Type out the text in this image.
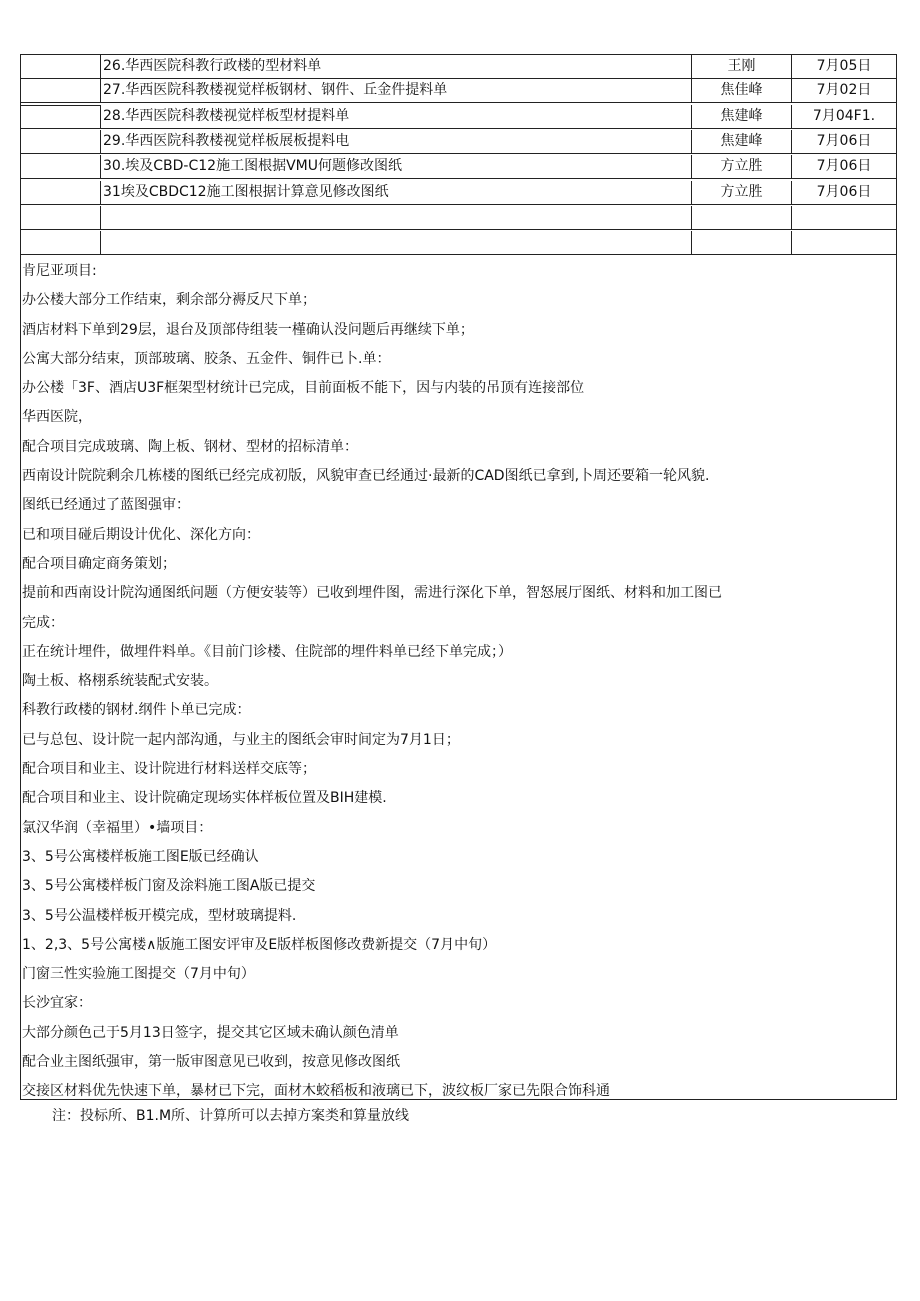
26.华西医院科教行政楼的型材料单	王刚	7月05日
27.华西医院科教楼视觉样板钢材、钢件、丘金件提料单	焦佳峰	7月02日
28.华西医院科教楼视觉样板型材提料单	焦建峰	7月04F1.
29.华西医院科教楼视觉样板展板提料电	焦建峰	7月06日
30.埃及CBD-C12施工图根据VMU何题修改图纸	方立胜	7月06日
31埃及CBDC12施工图根据计算意见修改图纸	方立胜	7月06日
肯尼亚项目:
办公楼大部分工作结束，剩余部分褥反尺下单；
酒店材料下单到29层，退台及顶部侍组装一槿确认没问题后再继续下单；
公寓大部分结束，顶部玻璃、胶条、五金件、铜件已卜.单：
办公楼「3F、酒店U3F框架型材统计已完成，目前面板不能下，因与内装的吊顶有连接部位
华西医院，
配合项目完成玻璃、陶上板、钢材、型材的招标清单：
西南设计院院剩余几栋楼的图纸已经完成初版，风貌审查已经通过·最新的CAD图纸已拿到,卜周还要箱一轮风貌.
图纸已经通过了蓝图强审：
已和项目碰后期设计优化、深化方向：
配合项目确定商务策划；
提前和西南设计院沟通图纸问题（方便安装等）已收到埋件图，需进行深化下单，智怒展厅图纸、材料和加工图已
完成：
正在统计埋件，做埋件料单。《目前门诊楼、住院部的埋件料单已经下单完成；）
陶土板、格栩系统装配式安装。
科教行政楼的钢材.纲件卜单已完成：
已与总包、设计院一起内部沟通，与业主的图纸会审时间定为7月1日；
配合项目和业主、设计院进行材料送样交底等；
配合项目和业主、设计院确定现场实体样板位置及BIH建模.
氯汉华润（幸福里）•墙项目：
3、5号公寓楼样板施工图E版已经确认
3、5号公寓楼样板门窗及涂料施工图A版已提交
3、5号公温楼样板开模完成，型材玻璃提料.
1、2,3、5号公寓楼∧版施工图安评审及E版样板图修改费新提交（7月中旬）
门窗三性实验施工图提交（7月中旬）
长沙宜家：
大部分颜色己于5月13日签字，提交其它区域未确认颜色清单
配合业主图纸强审，第一版审图意见已收到，按意见修改图纸
交接区材料优先快速下单，暴材已下完，面材木蛟稻板和液璃已下，波纹板厂家已先限合饰科通
注：投标所、B1.M所、计算所可以去掉方案类和算量放线
